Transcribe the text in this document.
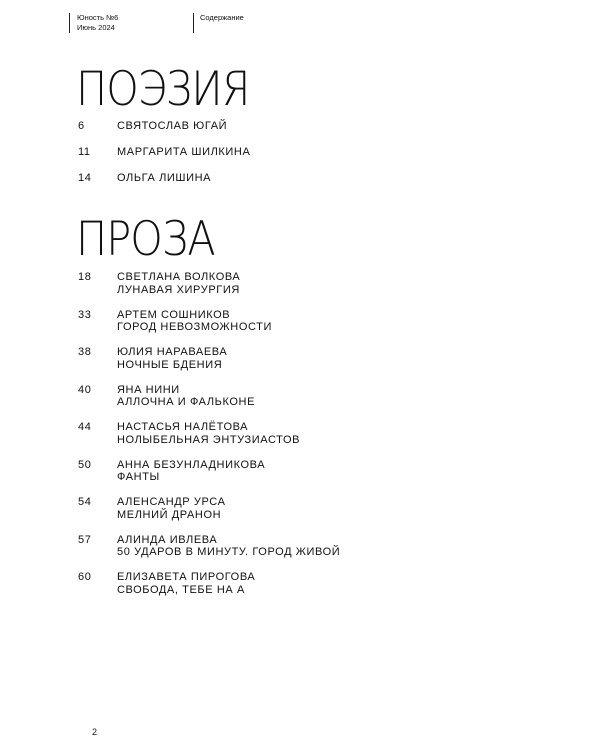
Юность №6
Июнь 2024
Содержание
ПОЭЗИЯ
6	СВЯТОСЛАВ ЮГАЙ
11	МАРГАРИТА ШИЛКИНА
14	ОЛЬГА ЛИШИНА
ПРОЗА
18	СВЕТЛАНА ВОЛКОВА
ЛУНАВАЯ ХИРУРГИЯ
33	АРТЕМ СОШНИКОВ
ГОРОД НЕВОЗМОЖНОСТИ
38	ЮЛИЯ НАРАВАЕВА
НОЧНЫЕ БДЕНИЯ
40	ЯНА НИНИ
АЛЛОЧНА И ФАЛЬКОНЕ
44	НАСТАСЬЯ НАЛЁТОВА
НОЛЫБЕЛЬНАЯ ЭНТУЗИАСТОВ
50	АННА БЕЗУНЛАДНИКОВА
ФАНТЫ
54	АЛЕНСАНДР УРСА
МЕЛНИЙ ДРАНОН
57	АЛИНДА ИВЛЕВА
50 УДАРОВ В МИНУТУ. ГОРОД ЖИВОЙ
60	ЕЛИЗАВЕТА ПИРОГОВА
СВОБОДА, ТЕБЕ НА А
2
